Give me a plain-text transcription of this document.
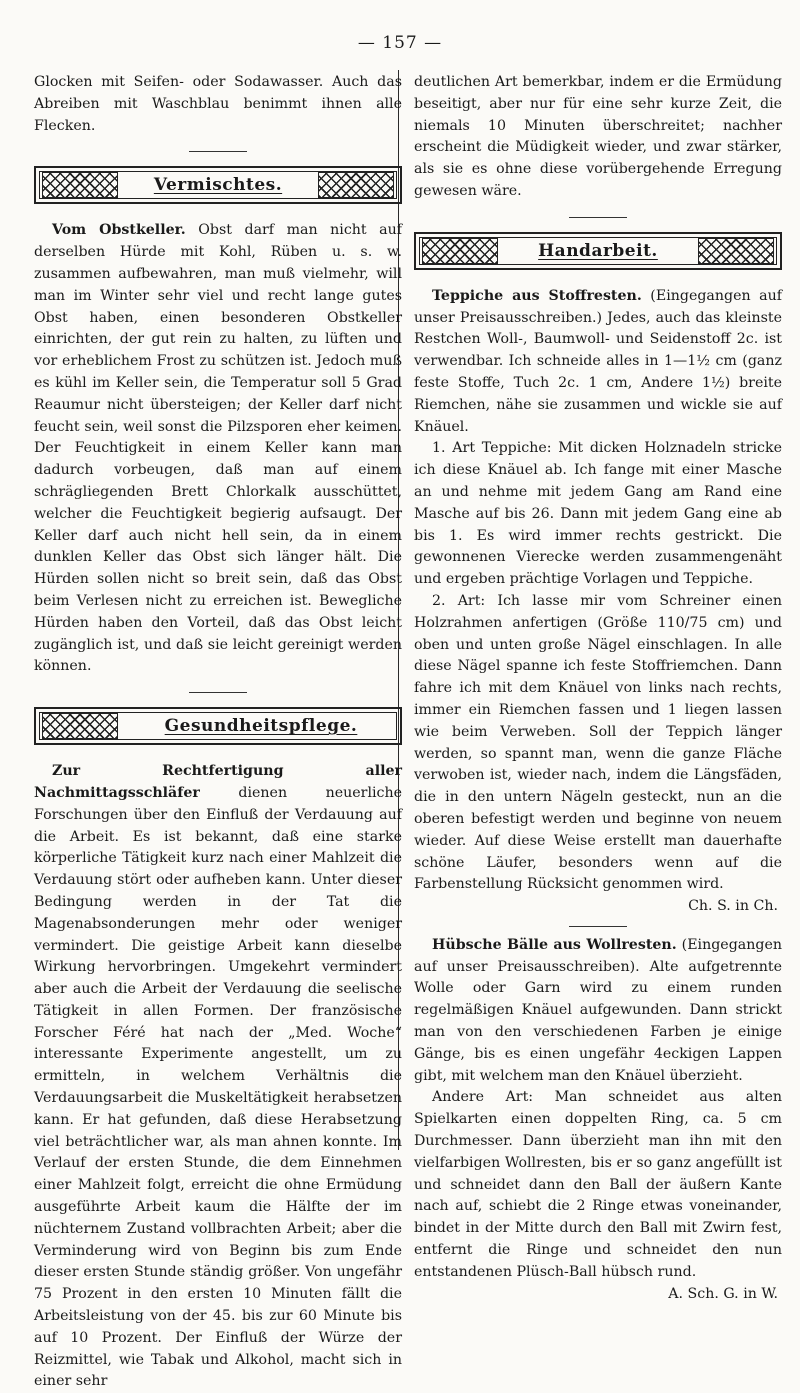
— 157 —

Glocken mit Seifen- oder Sodawasser. Auch das Abreiben mit Waschblau benimmt ihnen alle Flecken.

Vermischtes.

Vom Obstkeller. Obst darf man nicht auf derselben Hürde mit Kohl, Rüben u. s. w. zusammen aufbewahren, man muß vielmehr, will man im Winter sehr viel und recht lange gutes Obst haben, einen besonderen Obstkeller einrichten, der gut rein zu halten, zu lüften und vor erheblichem Frost zu schützen ist. Jedoch muß es kühl im Keller sein, die Temperatur soll 5 Grad Reaumur nicht übersteigen; der Keller darf nicht feucht sein, weil sonst die Pilzsporen eher keimen. Der Feuchtigkeit in einem Keller kann man dadurch vorbeugen, daß man auf einem schrägliegenden Brett Chlorkalk ausschüttet, welcher die Feuchtigkeit begierig aufsaugt. Der Keller darf auch nicht hell sein, da in einem dunklen Keller das Obst sich länger hält. Die Hürden sollen nicht so breit sein, daß das Obst beim Verlesen nicht zu erreichen ist. Bewegliche Hürden haben den Vorteil, daß das Obst leicht zugänglich ist, und daß sie leicht gereinigt werden können.

Gesundheitspflege.

Zur Rechtfertigung aller Nachmittagsschläfer	dienen neuerliche Forschungen über den Einfluß der Verdauung auf die Arbeit. Es ist bekannt, daß eine starke körperliche Tätigkeit kurz nach einer Mahlzeit die Verdauung stört oder aufheben kann. Unter dieser Bedingung werden in der Tat die Magenabsonderungen mehr oder weniger vermindert. Die geistige Arbeit kann dieselbe Wirkung hervorbringen. Umgekehrt vermindert aber auch die Arbeit der Verdauung die seelische Tätigkeit in allen Formen. Der französische Forscher Féré hat nach der „Med. Woche“ interessante Experimente angestellt, um zu ermitteln, in welchem Verhältnis die Verdauungsarbeit die Muskeltätigkeit herabsetzen kann. Er hat gefunden, daß diese Herabsetzung viel beträchtlicher war, als man ahnen konnte. Im Verlauf der ersten Stunde, die dem Einnehmen einer Mahlzeit folgt, erreicht die ohne Ermüdung ausgeführte Arbeit kaum die Hälfte der im nüchternem Zustand vollbrachten Arbeit; aber die Verminderung wird von Beginn bis zum Ende dieser ersten Stunde ständig größer. Von ungefähr 75 Prozent in den ersten 10 Minuten fällt die Arbeitsleistung von der 45. bis zur 60 Minute bis auf 10 Prozent. Der Einfluß der Würze der Reizmittel, wie Tabak und Alkohol, macht sich in einer sehr

deutlichen Art bemerkbar, indem er die Ermüdung beseitigt, aber nur für eine sehr kurze Zeit, die niemals 10 Minuten überschreitet; nachher erscheint die Müdigkeit wieder, und zwar stärker, als sie es ohne diese vorübergehende Erregung gewesen wäre.

Handarbeit.

Teppiche aus Stoffresten. (Eingegangen auf unser Preisausschreiben.) Jedes, auch das kleinste Restchen Woll-, Baumwoll- und Seidenstoff 2c. ist verwendbar. Ich schneide alles in 1—1½ cm (ganz feste Stoffe, Tuch 2c. 1 cm, Andere 1½) breite Riemchen, nähe sie zusammen und wickle sie auf Knäuel.

1. Art Teppiche: Mit dicken Holznadeln stricke ich diese Knäuel ab. Ich fange mit einer Masche an und nehme mit jedem Gang am Rand eine Masche auf bis 26. Dann mit jedem Gang eine ab bis 1. Es wird immer rechts gestrickt. Die gewonnenen Vierecke werden zusammengenäht und ergeben prächtige Vorlagen und Teppiche.

2. Art: Ich lasse mir vom Schreiner einen Holzrahmen anfertigen (Größe 110/75 cm) und oben und unten große Nägel einschlagen. In alle diese Nägel spanne ich feste Stoffriemchen. Dann fahre ich mit dem Knäuel von links nach rechts, immer ein Riemchen fassen und 1 liegen lassen wie beim Verweben. Soll der Teppich länger werden, so spannt man, wenn die ganze Fläche verwoben ist, wieder nach, indem die Längsfäden, die in den untern Nägeln gesteckt, nun an die oberen befestigt werden und beginne von neuem wieder. Auf diese Weise erstellt man dauerhafte schöne Läufer, besonders wenn auf die Farbenstellung Rücksicht genommen wird.

Ch. S. in Ch.

Hübsche Bälle aus Wollresten. (Eingegangen auf unser Preisausschreiben). Alte aufgetrennte Wolle oder Garn wird zu einem runden regelmäßigen Knäuel aufgewunden. Dann strickt man von den verschiedenen Farben je einige Gänge, bis es einen ungefähr 4eckigen Lappen gibt, mit welchem man den Knäuel überzieht.

Andere Art: Man schneidet aus alten Spielkarten einen doppelten Ring, ca. 5 cm Durchmesser. Dann überzieht man ihn mit den vielfarbigen Wollresten, bis er so ganz angefüllt ist und schneidet dann den Ball der äußern Kante nach auf, schiebt die 2 Ringe etwas voneinander, bindet in der Mitte durch den Ball mit Zwirn fest, entfernt die Ringe und schneidet den nun entstandenen Plüsch-Ball hübsch rund.

A. Sch. G. in W.
